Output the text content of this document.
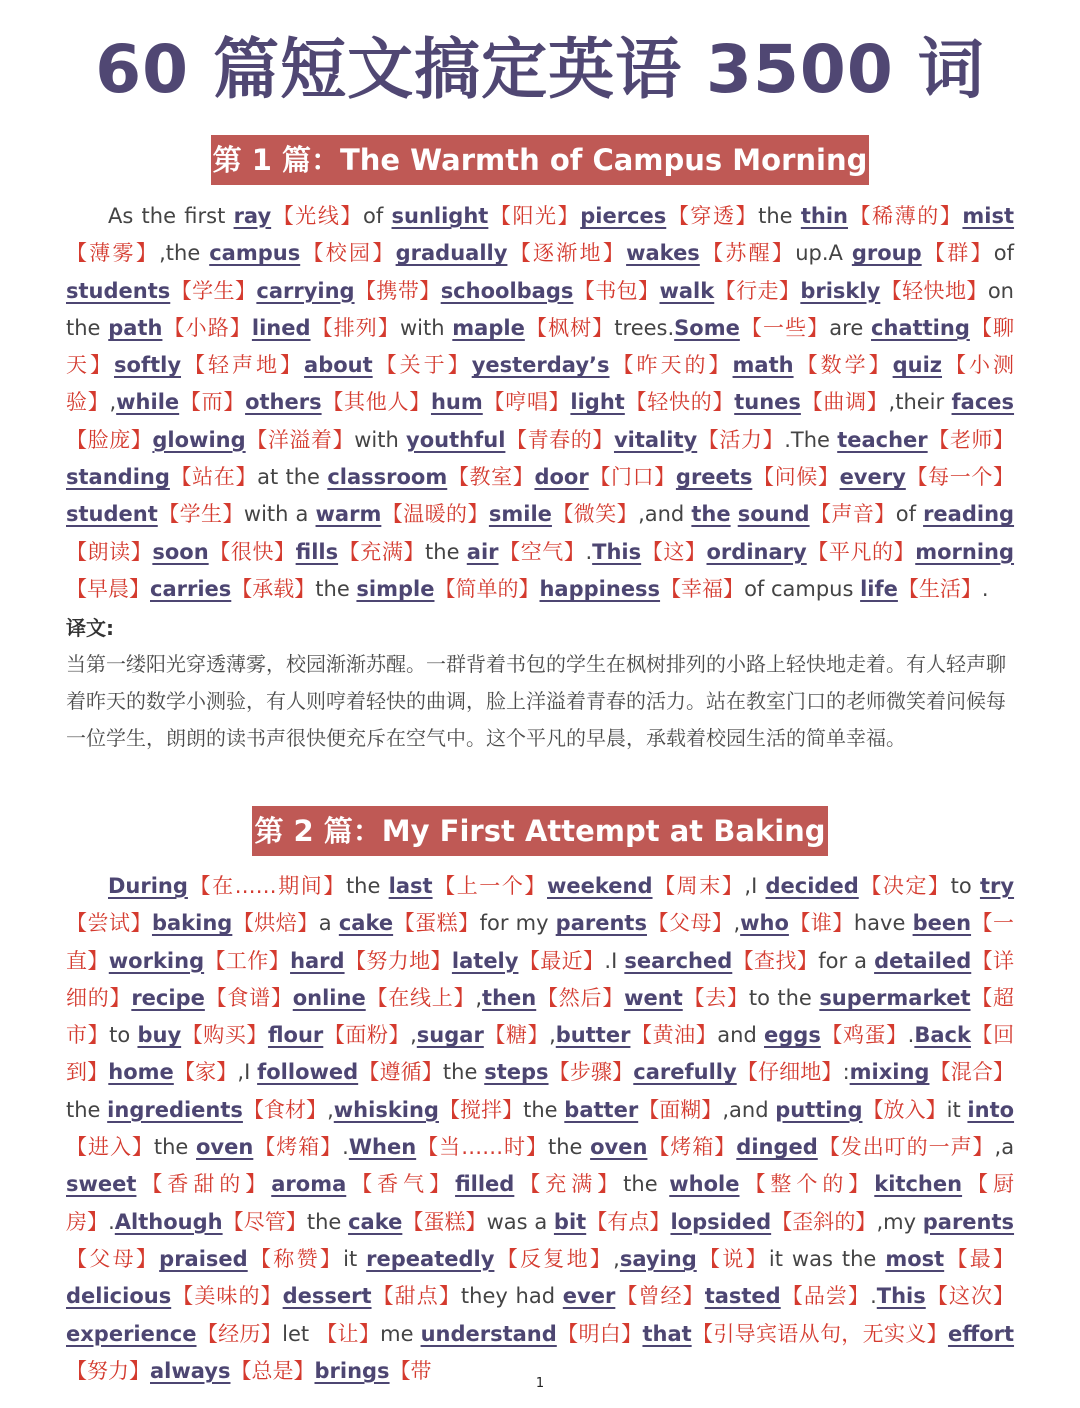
60 篇短文搞定英语 3500 词
第 1 篇：The Warmth of Campus Morning
As the first ray【光线】of sunlight【阳光】pierces【穿透】the thin【稀薄的】mist【薄雾】,the campus【校园】gradually【逐渐地】wakes【苏醒】up.A group【群】of students【学生】carrying【携带】schoolbags【书包】walk【行走】briskly【轻快地】on the path【小路】lined【排列】with maple【枫树】trees.Some【一些】are chatting【聊天】softly【轻声地】about【关于】yesterday’s【昨天的】math【数学】quiz【小测验】,while【而】others【其他人】hum【哼唱】light【轻快的】tunes【曲调】,their faces【脸庞】glowing【洋溢着】with youthful【青春的】vitality【活力】.The teacher【老师】standing【站在】at the classroom【教室】door【门口】greets【问候】every【每一个】student【学生】with a warm【温暖的】smile【微笑】,and the sound【声音】of reading【朗读】soon【很快】fills【充满】the air【空气】.This【这】ordinary【平凡的】morning【早晨】carries【承载】the simple【简单的】happiness【幸福】of campus life【生活】.
译文:
当第一缕阳光穿透薄雾，校园渐渐苏醒。一群背着书包的学生在枫树排列的小路上轻快地走着。有人轻声聊着昨天的数学小测验，有人则哼着轻快的曲调，脸上洋溢着青春的活力。站在教室门口的老师微笑着问候每一位学生，朗朗的读书声很快便充斥在空气中。这个平凡的早晨，承载着校园生活的简单幸福。
第 2 篇：My First Attempt at Baking
During【在……期间】the last【上一个】weekend【周末】,I decided【决定】to try【尝试】baking【烘焙】a cake【蛋糕】for my parents【父母】,who【谁】have been【一直】working【工作】hard【努力地】lately【最近】.I searched【查找】for a detailed【详细的】recipe【食谱】online【在线上】,then【然后】went【去】to the supermarket【超市】to buy【购买】flour【面粉】,sugar【糖】,butter【黄油】and eggs【鸡蛋】.Back【回到】home【家】,I followed【遵循】the steps【步骤】carefully【仔细地】:mixing【混合】the ingredients【食材】,whisking【搅拌】the batter【面糊】,and putting【放入】it into【进入】the oven【烤箱】.When【当……时】the oven【烤箱】dinged【发出叮的一声】,a sweet【香甜的】aroma【香气】filled【充满】the whole【整个的】kitchen【厨房】.Although【尽管】the cake【蛋糕】was a bit【有点】lopsided【歪斜的】,my parents【父母】praised【称赞】it repeatedly【反复地】,saying【说】it was the most【最】delicious【美味的】dessert【甜点】they had ever【曾经】tasted【品尝】.This【这次】experience【经历】let 【让】me understand【明白】that【引导宾语从句，无实义】effort【努力】always【总是】brings【带
1
